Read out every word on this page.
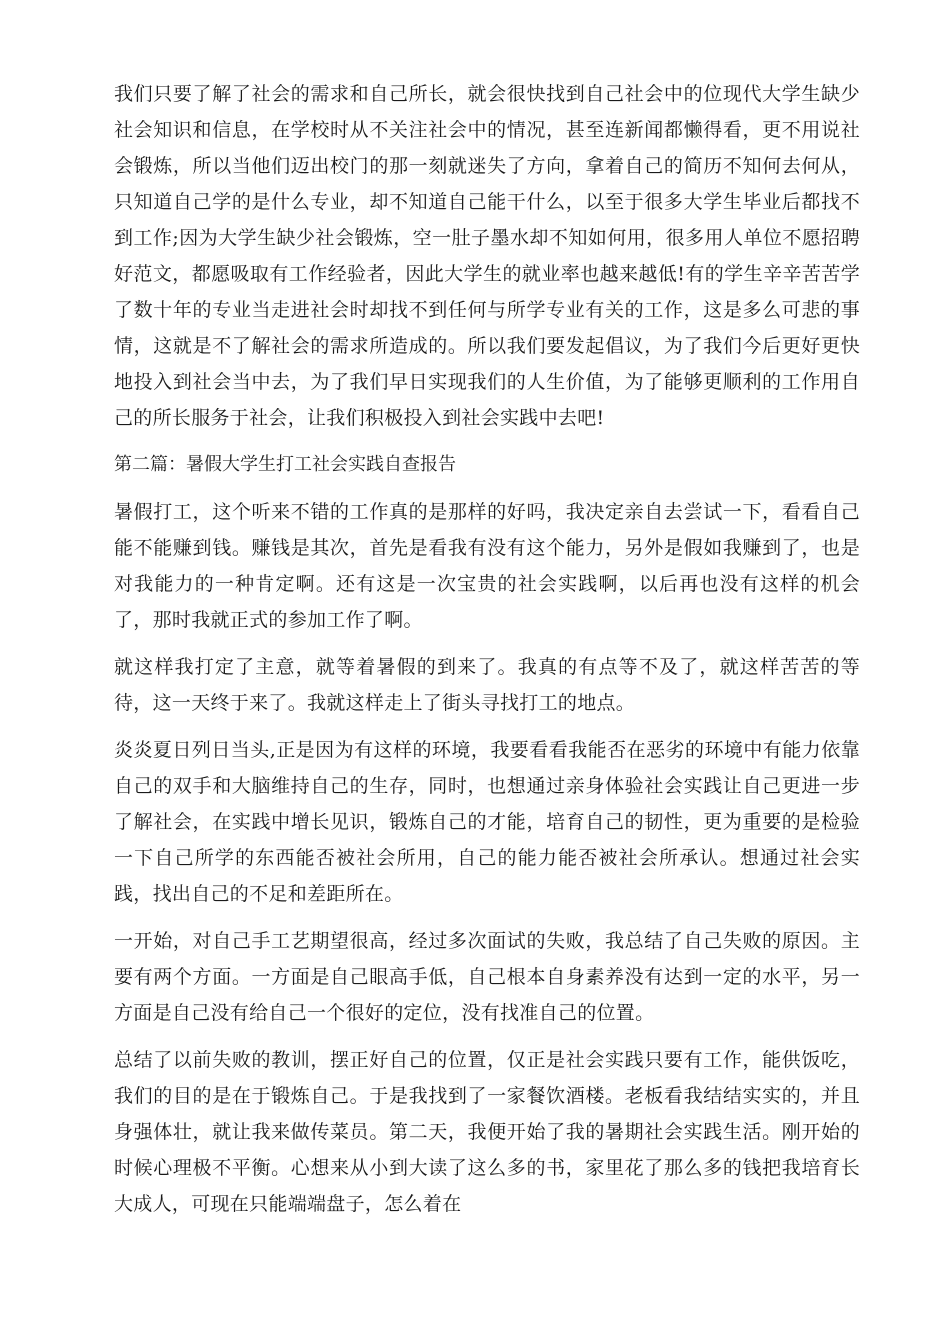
我们只要了解了社会的需求和自己所长，就会很快找到自己社会中的位现代大学生缺少社会知识和信息，在学校时从不关注社会中的情况，甚至连新闻都懒得看，更不用说社会锻炼，所以当他们迈出校门的那一刻就迷失了方向，拿着自己的简历不知何去何从，只知道自己学的是什么专业，却不知道自己能干什么，以至于很多大学生毕业后都找不到工作;因为大学生缺少社会锻炼，空一肚子墨水却不知如何用，很多用人单位不愿招聘好范文，都愿吸取有工作经验者，因此大学生的就业率也越来越低!有的学生辛辛苦苦学了数十年的专业当走进社会时却找不到任何与所学专业有关的工作，这是多么可悲的事情，这就是不了解社会的需求所造成的。所以我们要发起倡议，为了我们今后更好更快地投入到社会当中去，为了我们早日实现我们的人生价值，为了能够更顺利的工作用自己的所长服务于社会，让我们积极投入到社会实践中去吧!

第二篇：暑假大学生打工社会实践自查报告

暑假打工，这个听来不错的工作真的是那样的好吗，我决定亲自去尝试一下，看看自己能不能赚到钱。赚钱是其次，首先是看我有没有这个能力，另外是假如我赚到了，也是对我能力的一种肯定啊。还有这是一次宝贵的社会实践啊，以后再也没有这样的机会了，那时我就正式的参加工作了啊。

就这样我打定了主意，就等着暑假的到来了。我真的有点等不及了，就这样苦苦的等待，这一天终于来了。我就这样走上了街头寻找打工的地点。

炎炎夏日列日当头,正是因为有这样的环境，我要看看我能否在恶劣的环境中有能力依靠自己的双手和大脑维持自己的生存，同时，也想通过亲身体验社会实践让自己更进一步了解社会，在实践中增长见识，锻炼自己的才能，培育自己的韧性，更为重要的是检验一下自己所学的东西能否被社会所用，自己的能力能否被社会所承认。想通过社会实践，找出自己的不足和差距所在。

一开始，对自己手工艺期望很高，经过多次面试的失败，我总结了自己失败的原因。主要有两个方面。一方面是自己眼高手低，自己根本自身素养没有达到一定的水平，另一方面是自己没有给自己一个很好的定位，没有找准自己的位置。

总结了以前失败的教训，摆正好自己的位置，仅正是社会实践只要有工作，能供饭吃，我们的目的是在于锻炼自己。于是我找到了一家餐饮酒楼。老板看我结结实实的，并且身强体壮，就让我来做传菜员。第二天，我便开始了我的暑期社会实践生活。刚开始的时候心理极不平衡。心想来从小到大读了这么多的书，家里花了那么多的钱把我培育长大成人，可现在只能端端盘子，怎么着在
